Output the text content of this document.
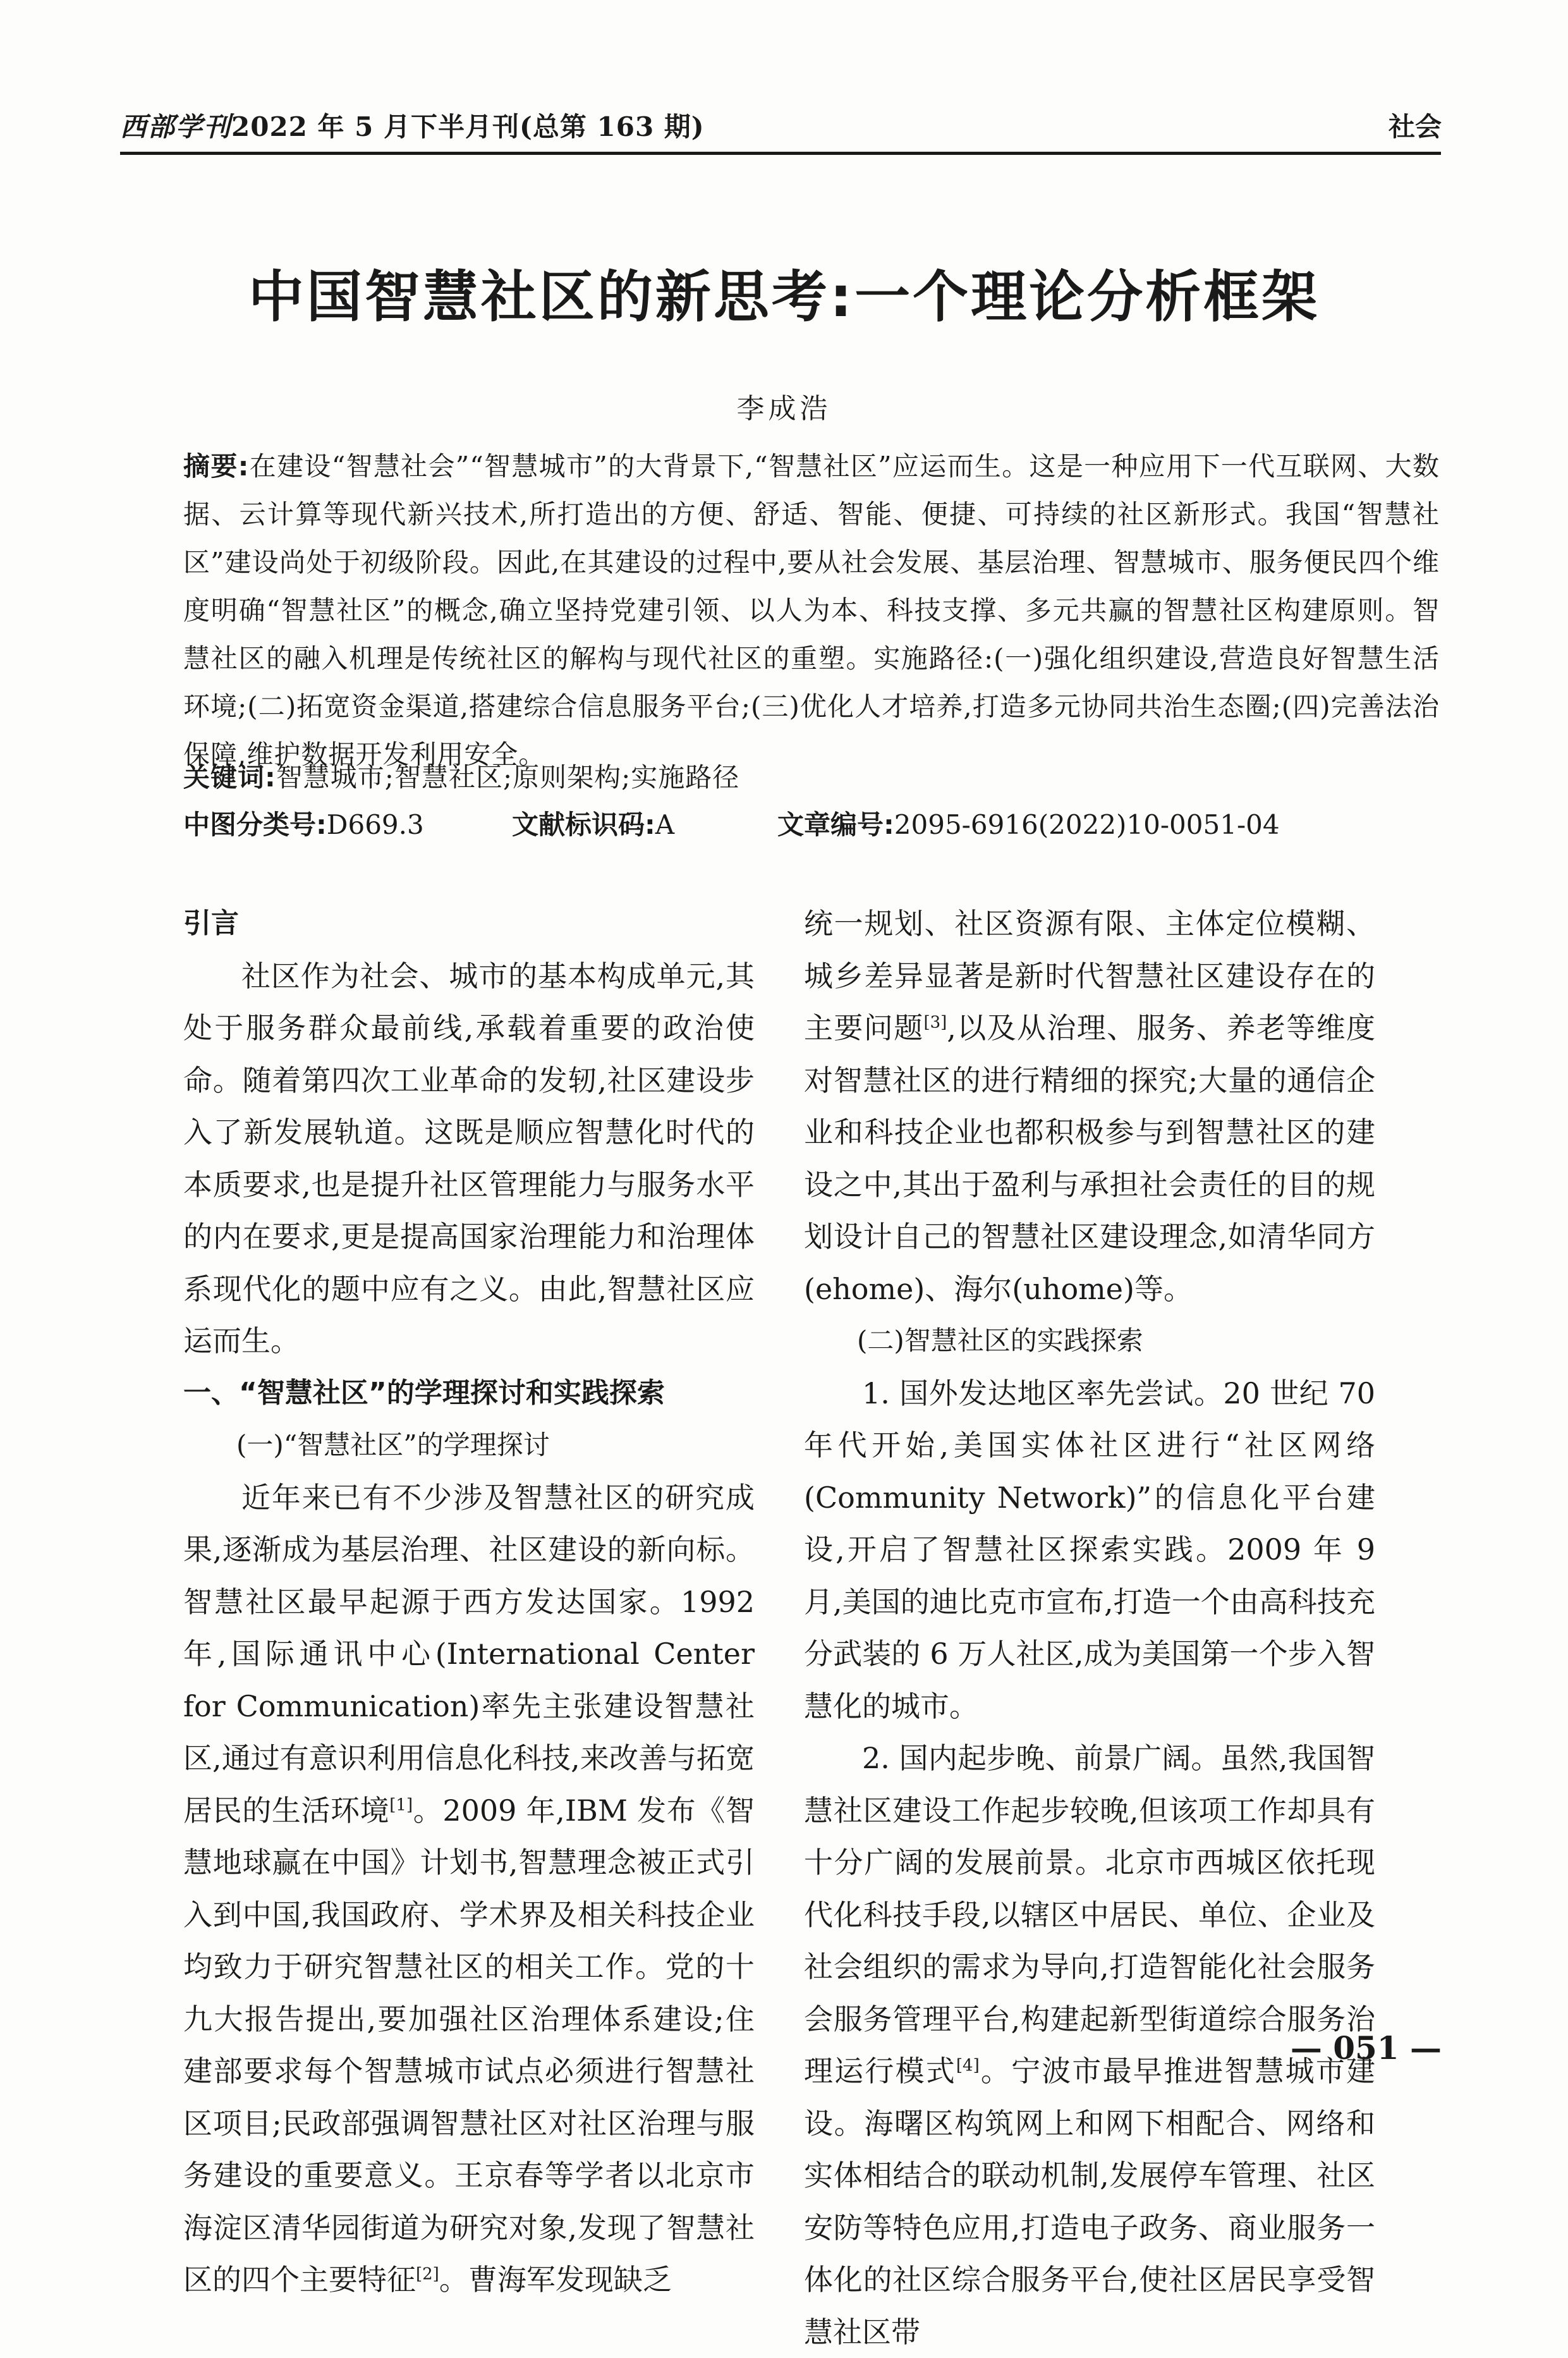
西部学刊2022 年 5 月下半月刊(总第 163 期)	社会
中国智慧社区的新思考:一个理论分析框架
李成浩
摘要:在建设“智慧社会”“智慧城市”的大背景下,“智慧社区”应运而生。这是一种应用下一代互联网、大数据、云计算等现代新兴技术,所打造出的方便、舒适、智能、便捷、可持续的社区新形式。我国“智慧社区”建设尚处于初级阶段。因此,在其建设的过程中,要从社会发展、基层治理、智慧城市、服务便民四个维度明确“智慧社区”的概念,确立坚持党建引领、以人为本、科技支撑、多元共赢的智慧社区构建原则。智慧社区的融入机理是传统社区的解构与现代社区的重塑。实施路径:(一)强化组织建设,营造良好智慧生活环境;(二)拓宽资金渠道,搭建综合信息服务平台;(三)优化人才培养,打造多元协同共治生态圈;(四)完善法治保障,维护数据开发利用安全。
关键词:智慧城市;智慧社区;原则架构;实施路径
中图分类号:D669.3	文献标识码:A	文章编号:2095-6916(2022)10-0051-04
引言

社区作为社会、城市的基本构成单元,其处于服务群众最前线,承载着重要的政治使命。随着第四次工业革命的发轫,社区建设步入了新发展轨道。这既是顺应智慧化时代的本质要求,也是提升社区管理能力与服务水平的内在要求,更是提高国家治理能力和治理体系现代化的题中应有之义。由此,智慧社区应运而生。

一、“智慧社区”的学理探讨和实践探索
(一)“智慧社区”的学理探讨

近年来已有不少涉及智慧社区的研究成果,逐渐成为基层治理、社区建设的新向标。智慧社区最早起源于西方发达国家。1992 年,国际通讯中心(International Center for Communication)率先主张建设智慧社区,通过有意识利用信息化科技,来改善与拓宽居民的生活环境[1]。2009 年,IBM 发布《智慧地球赢在中国》计划书,智慧理念被正式引入到中国,我国政府、学术界及相关科技企业均致力于研究智慧社区的相关工作。党的十九大报告提出,要加强社区治理体系建设;住建部要求每个智慧城市试点必须进行智慧社区项目;民政部强调智慧社区对社区治理与服务建设的重要意义。王京春等学者以北京市海淀区清华园街道为研究对象,发现了智慧社区的四个主要特征[2]。曹海军发现缺乏

统一规划、社区资源有限、主体定位模糊、城乡差异显著是新时代智慧社区建设存在的主要问题[3],以及从治理、服务、养老等维度对智慧社区的进行精细的探究;大量的通信企业和科技企业也都积极参与到智慧社区的建设之中,其出于盈利与承担社会责任的目的规划设计自己的智慧社区建设理念,如清华同方(ehome)、海尔(uhome)等。

(二)智慧社区的实践探索

1. 国外发达地区率先尝试。20 世纪 70 年代开始,美国实体社区进行“社区网络(Community Network)”的信息化平台建设,开启了智慧社区探索实践。2009 年 9 月,美国的迪比克市宣布,打造一个由高科技充分武装的 6 万人社区,成为美国第一个步入智慧化的城市。

2. 国内起步晚、前景广阔。虽然,我国智慧社区建设工作起步较晚,但该项工作却具有十分广阔的发展前景。北京市西城区依托现代化科技手段,以辖区中居民、单位、企业及社会组织的需求为导向,打造智能化社会服务会服务管理平台,构建起新型街道综合服务治理运行模式[4]。宁波市最早推进智慧城市建设。海曙区构筑网上和网下相配合、网络和实体相结合的联动机制,发展停车管理、社区安防等特色应用,打造电子政务、商业服务一体化的社区综合服务平台,使社区居民享受智慧社区带

— 051 —
